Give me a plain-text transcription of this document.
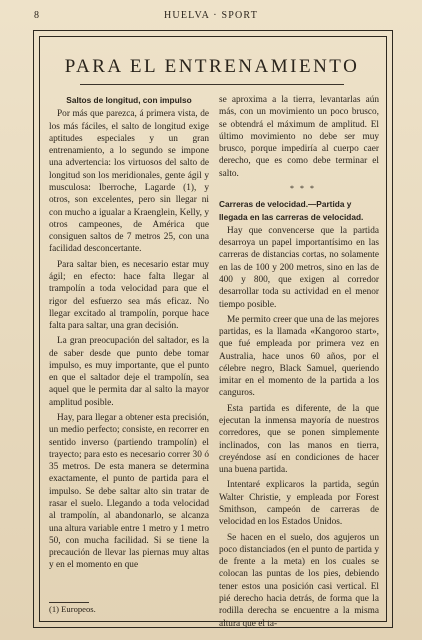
8	HUELVA · SPORT
PARA EL ENTRENAMIENTO

Saltos de longitud, con impulso

Por más que parezca, á primera vista, de los más fáciles, el salto de longitud exige aptitudes especiales y un gran entrenamiento, a lo segundo se impone una advertencia: los virtuosos del salto de longitud son los meridionales, gente ágil y musculosa: Iberroche, Lagarde (1), y otros, son excelentes, pero sin llegar ni con mucho a igualar a Kraenglein, Kelly, y otros campeones, de América que consiguen saltos de 7 metros 25, con una facilidad desconcertante.

Para saltar bien, es necesario estar muy ágil; en efecto: hace falta llegar al trampolín a toda velocidad para que el rigor del esfuerzo sea más eficaz. No llegar excitado al trampolín, porque hace falta para saltar, una gran decisión.

La gran preocupación del saltador, es la de saber desde que punto debe tomar impulso, es muy importante, que el punto en que el saltador deje el trampolín, sea aquel que le permita dar al salto la mayor amplitud posible.

Hay, para llegar a obtener esta precisión, un medio perfecto; consiste, en recorrer en sentido inverso (partiendo trampolín) el trayecto; para esto es necesario correr 30 ó 35 metros. De esta manera se determina exactamente, el punto de partida para el impulso. Se debe saltar alto sin tratar de rasar el suelo. Llegando a toda velocidad al trampolín, al abandonarlo, se alcanza una altura variable entre 1 metro y 1 metro 50, con mucha facilidad. Si se tiene la precaución de llevar las piernas muy altas y en el momento en que

se aproxima a la tierra, levantarlas aún más, con un movimiento un poco brusco, se obtendrá el máximum de amplitud. El último movimiento no debe ser muy brusco, porque impediría al cuerpo caer derecho, que es como debe terminar el salto.

* * *

Carreras de velocidad.—Partida y llegada en las carreras de velocidad.

Hay que convencerse que la partida desarroya un papel importantísimo en las carreras de distancias cortas, no solamente en las de 100 y 200 metros, sino en las de 400 y 800, que exigen al corredor desarrollar toda su actividad en el menor tiempo posible.

Me permito creer que una de las mejores partidas, es la llamada «Kangoroo start», que fué empleada por primera vez en Australia, hace unos 60 años, por el célebre negro, Black Samuel, queriendo imitar en el momento de la partida a los canguros.

Esta partida es diferente, de la que ejecutan la inmensa mayoría de nuestros corredores, que se ponen simplemente inclinados, con las manos en tierra, creyéndose así en condiciones de hacer una buena partida.

Intentaré explicaros la partida, según Walter Christie, y empleada por Forest Smithson, campeón de carreras de velocidad en los Estados Unidos.

Se hacen en el suelo, dos agujeros un poco distanciados (en el punto de partida y de frente a la meta) en los cuales se colocan las puntas de los pies, debiendo tener estos una posición casi vertical. El pié derecho hacia detrás, de forma que la rodilla derecha se encuentre a la misma altura que el ta-

(1) Europeos.
